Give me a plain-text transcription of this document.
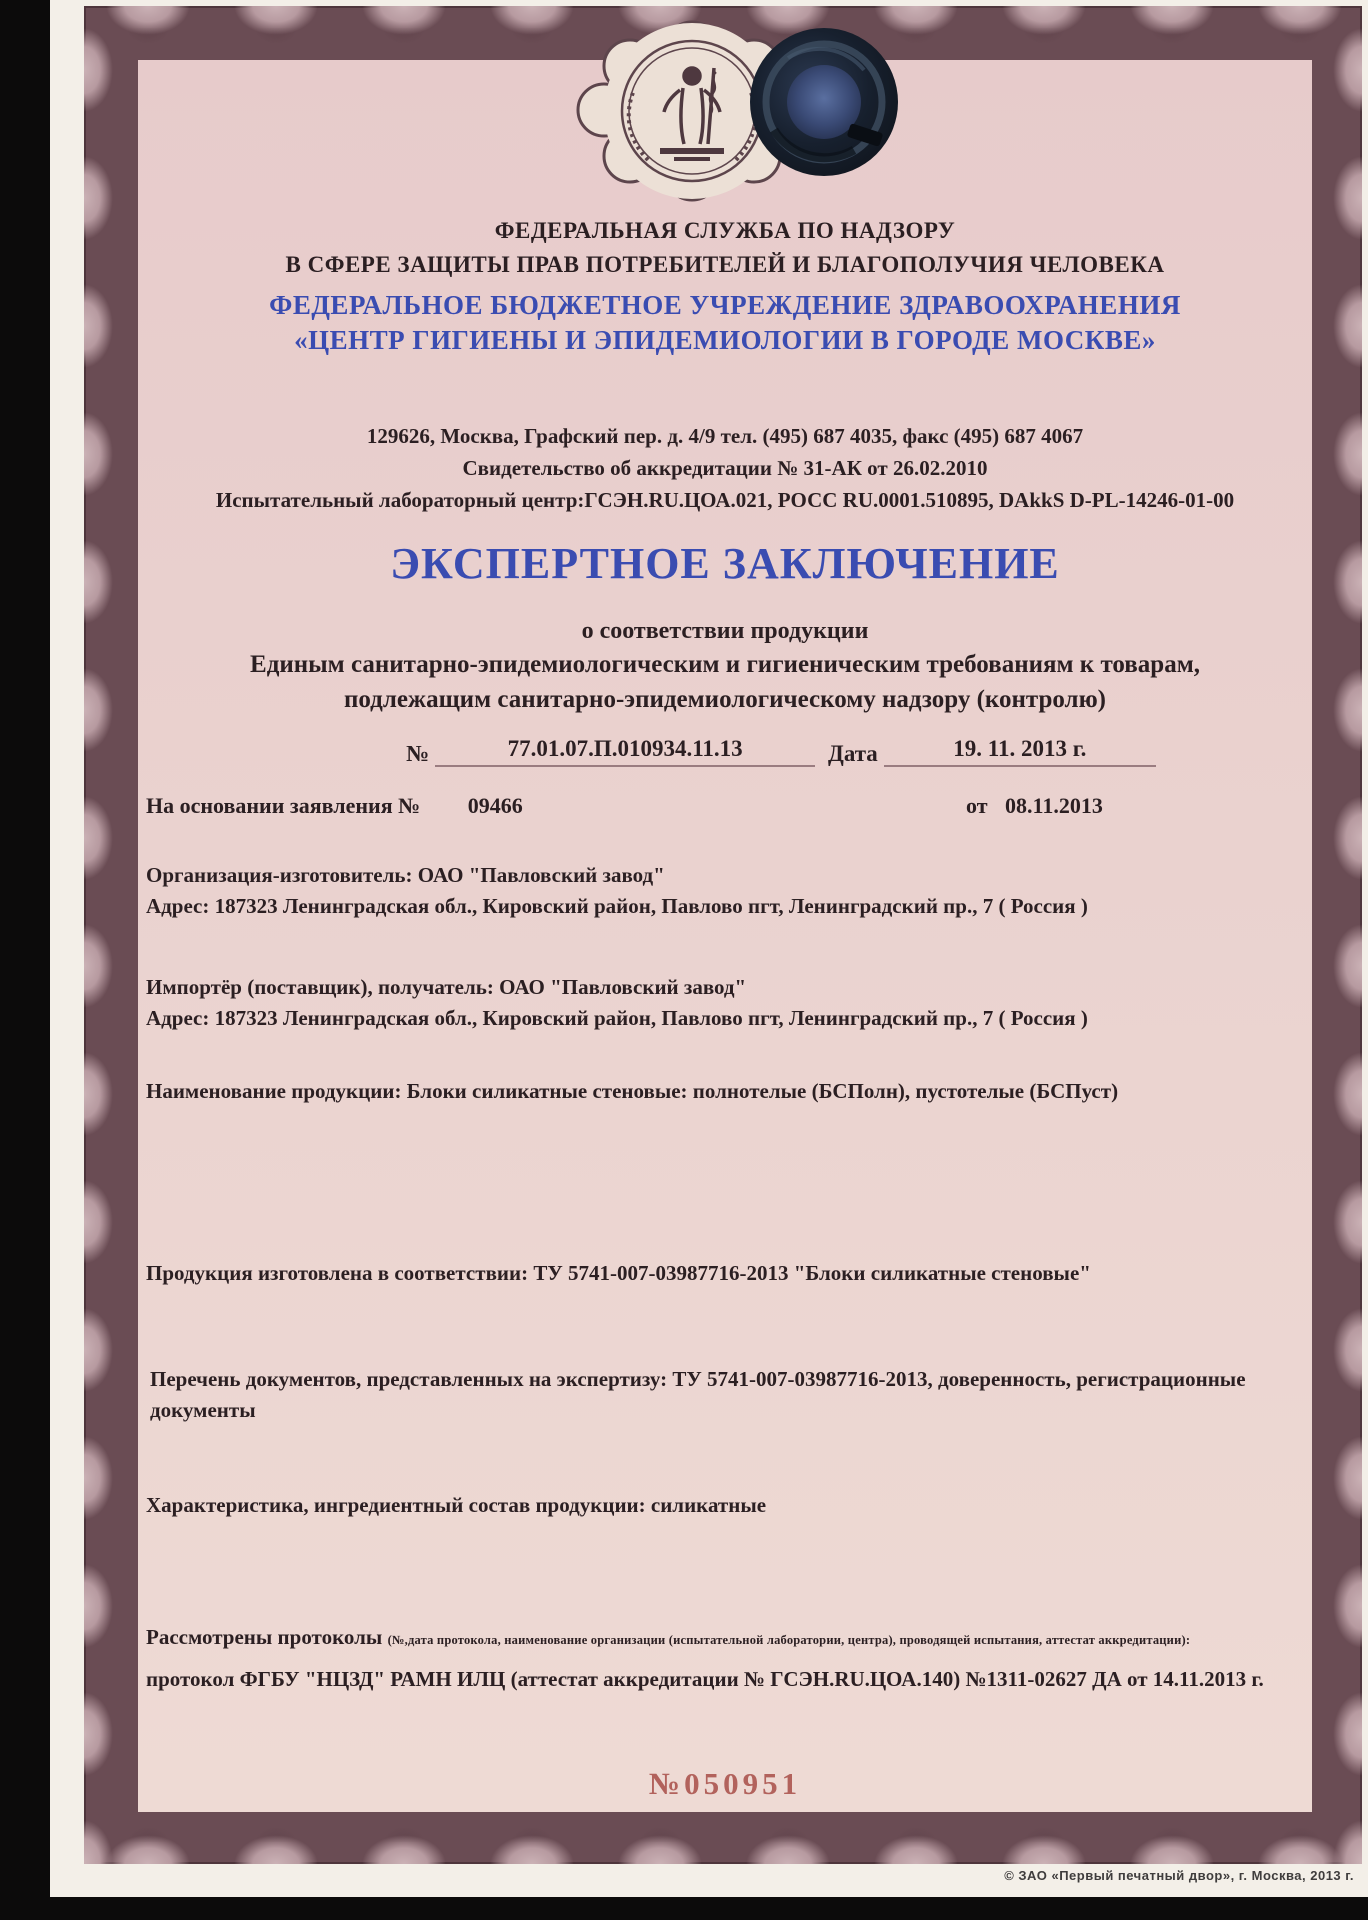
ФЕДЕРАЛЬНАЯ СЛУЖБА ПО НАДЗОРУ
В СФЕРЕ ЗАЩИТЫ ПРАВ ПОТРЕБИТЕЛЕЙ И БЛАГОПОЛУЧИЯ ЧЕЛОВЕКА
ФЕДЕРАЛЬНОЕ БЮДЖЕТНОЕ УЧРЕЖДЕНИЕ ЗДРАВООХРАНЕНИЯ
«ЦЕНТР ГИГИЕНЫ И ЭПИДЕМИОЛОГИИ В ГОРОДЕ МОСКВЕ»
129626, Москва, Графский пер. д. 4/9 тел. (495) 687 4035, факс (495) 687 4067
Свидетельство об аккредитации № 31-АК от 26.02.2010
Испытательный лабораторный центр:ГСЭН.RU.ЦОА.021, РОСС RU.0001.510895, DAkkS D-PL-14246-01-00
ЭКСПЕРТНОЕ ЗАКЛЮЧЕНИЕ
о соответствии продукции
Единым санитарно-эпидемиологическим и гигиеническим требованиям к товарам,
подлежащим санитарно-эпидемиологическому надзору (контролю)
№	77.01.07.П.010934.11.13	Дата	19. 11. 2013 г.
На основании заявления № 09466	от 08.11.2013
Организация-изготовитель: ОАО "Павловский завод"
Адрес: 187323 Ленинградская обл., Кировский район, Павлово пгт, Ленинградский пр., 7 ( Россия )
Импортёр (поставщик), получатель: ОАО "Павловский завод"
Адрес: 187323 Ленинградская обл., Кировский район, Павлово пгт, Ленинградский пр., 7 ( Россия )
Наименование продукции: Блоки силикатные стеновые: полнотелые (БСПолн), пустотелые (БСПуст)
Продукция изготовлена в соответствии: ТУ 5741-007-03987716-2013 "Блоки силикатные стеновые"
Перечень документов, представленных на экспертизу: ТУ 5741-007-03987716-2013, доверенность, регистрационные документы
Характеристика, ингредиентный состав продукции: силикатные
Рассмотрены протоколы (№,дата протокола, наименование организации (испытательной лаборатории, центра), проводящей испытания, аттестат аккредитации):
протокол ФГБУ "НЦЗД" РАМН ИЛЦ (аттестат аккредитации № ГСЭН.RU.ЦОА.140) №1311-02627 ДА от 14.11.2013 г.
№050951
© ЗАО «Первый печатный двор», г. Москва, 2013 г.
